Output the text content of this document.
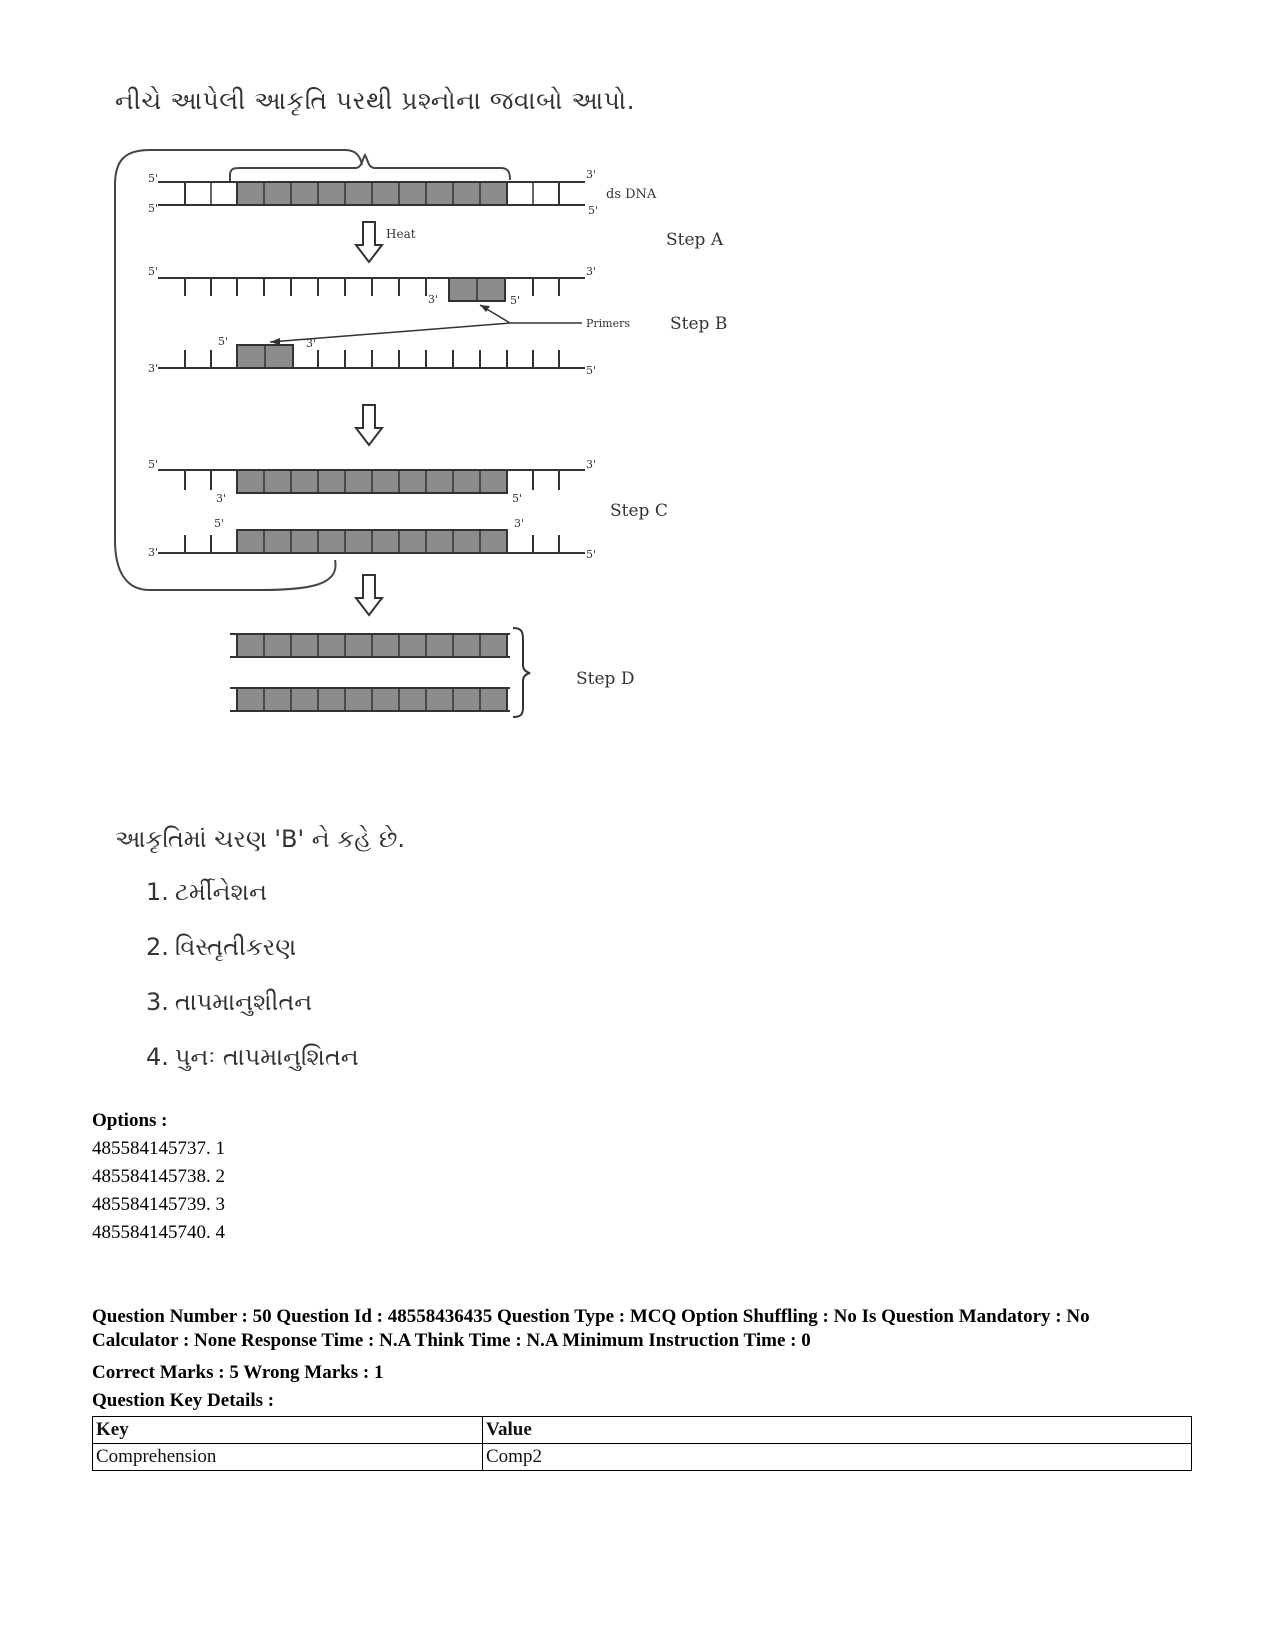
નીચે આપેલી આકૃતિ પરથી પ્રશ્નોના જવાબો આપો.
5'
5'
3'
5'
ds DNA
Step A
Heat
5'	3'
3'	5'
Primers Step B
3'	5'
5'	3'
5'	3'
3'	5'
5'	3'
3'	5'
Step C
Step D
આકૃતિમાં ચરણ 'B' ને કહે છે.
1. ટર્મીનેશન
2. વિસ્તૃતીકરણ
3. તાપમાનુશીતન
4. પુનઃ તાપમાનુશિતન
Options :
485584145737. 1
485584145738. 2
485584145739. 3
485584145740. 4
Question Number : 50 Question Id : 48558436435 Question Type : MCQ Option Shuffling : No Is Question Mandatory : No Calculator : None Response Time : N.A Think Time : N.A Minimum Instruction Time : 0
Correct Marks : 5 Wrong Marks : 1
Question Key Details :
Key	Value
Comprehension	Comp2
